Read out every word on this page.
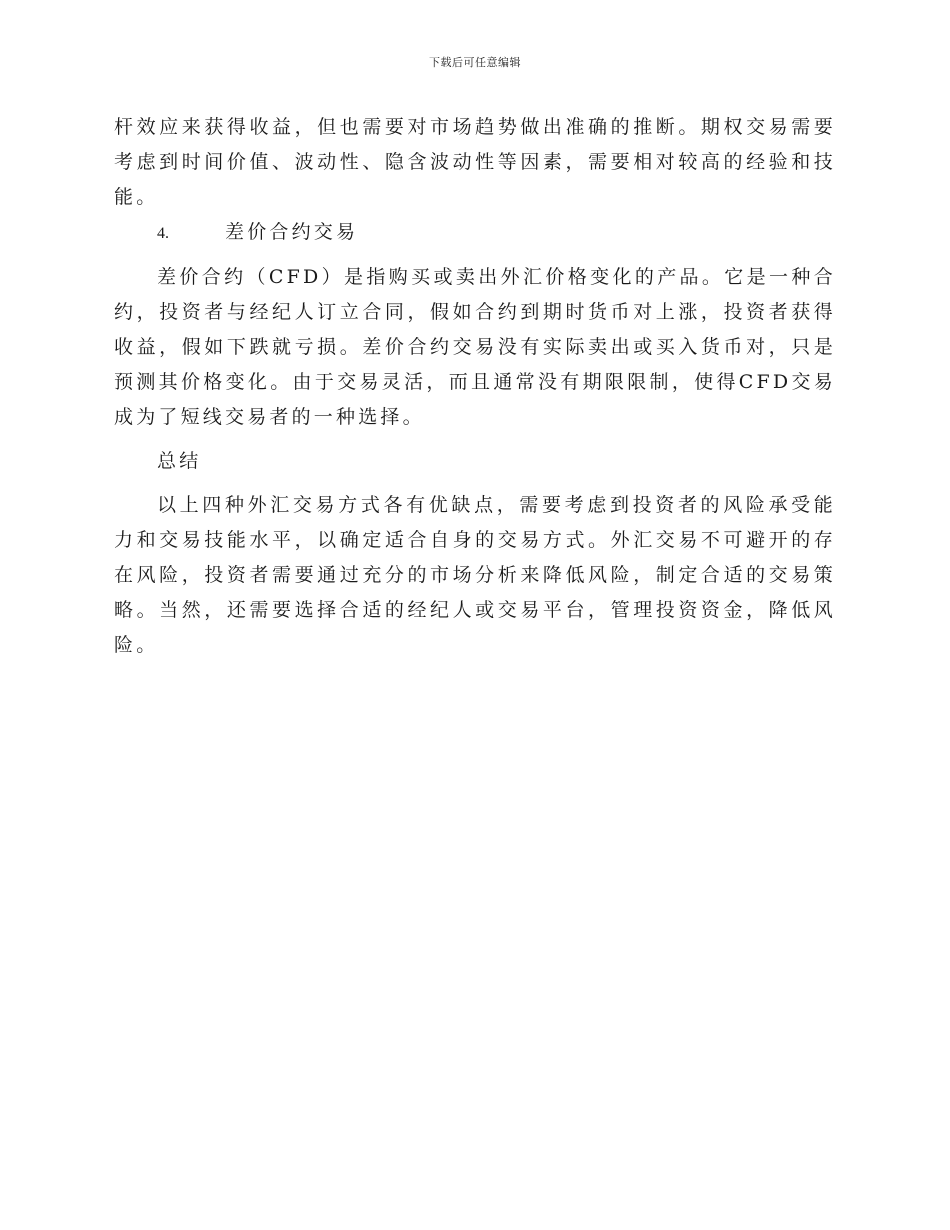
下载后可任意编辑

杆效应来获得收益，但也需要对市场趋势做出准确的推断。期权交易需要考虑到时间价值、波动性、隐含波动性等因素，需要相对较高的经验和技能。

4.	差价合约交易

差价合约（CFD）是指购买或卖出外汇价格变化的产品。它是一种合约，投资者与经纪人订立合同，假如合约到期时货币对上涨，投资者获得收益，假如下跌就亏损。差价合约交易没有实际卖出或买入货币对，只是预测其价格变化。由于交易灵活，而且通常没有期限限制，使得CFD交易成为了短线交易者的一种选择。

总结

以上四种外汇交易方式各有优缺点，需要考虑到投资者的风险承受能力和交易技能水平，以确定适合自身的交易方式。外汇交易不可避开的存在风险，投资者需要通过充分的市场分析来降低风险，制定合适的交易策略。当然，还需要选择合适的经纪人或交易平台，管理投资资金，降低风险。
